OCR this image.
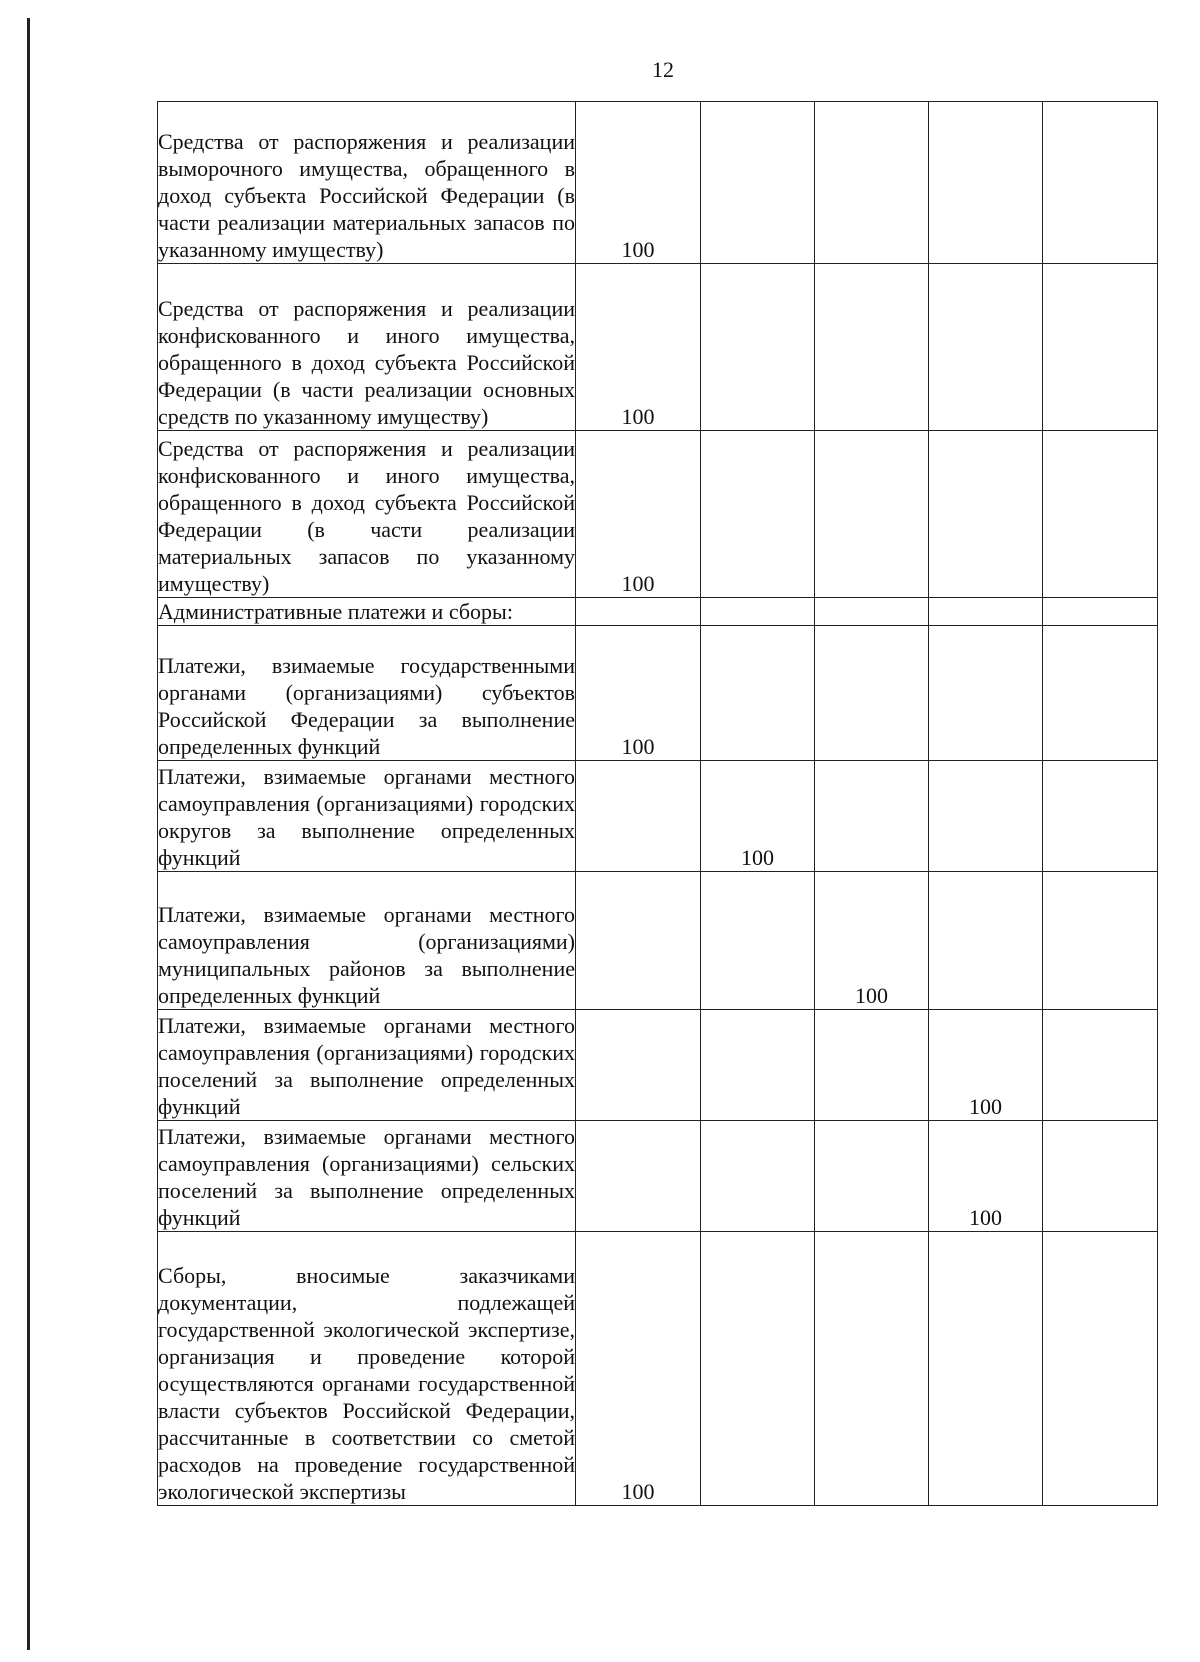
12
Средства от распоряжения и реализации выморочного имущества, обращенного в доход субъекта Российской Федерации (в части реализации материальных запасов по указанному имуществу)	100				
Средства от распоряжения и реализации конфискованного и иного имущества, обращенного в доход субъекта Российской Федерации (в части реализации основных средств по указанному имуществу)	100				
Средства от распоряжения и реализации конфискованного и иного имущества, обращенного в доход субъекта Российской Федерации (в части реализации материальных запасов по указанному имуществу)	100				
Административные платежи и сборы:					
Платежи, взимаемые государственными органами (организациями) субъектов Российской Федерации за выполнение определенных функций	100				
Платежи, взимаемые органами местного самоуправления (организациями) городских округов за выполнение определенных функций		100			
Платежи, взимаемые органами местного самоуправления (организациями) муниципальных районов за выполнение определенных функций			100		
Платежи, взимаемые органами местного самоуправления (организациями) городских поселений за выполнение определенных функций				100	
Платежи, взимаемые органами местного самоуправления (организациями) сельских поселений за выполнение определенных функций				100	
Сборы, вносимые заказчиками документации, подлежащей государственной экологической экспертизе, организация и проведение которой осуществляются органами государственной власти субъектов Российской Федерации, рассчитанные в соответствии со сметой расходов на проведение государственной экологической экспертизы	100				
